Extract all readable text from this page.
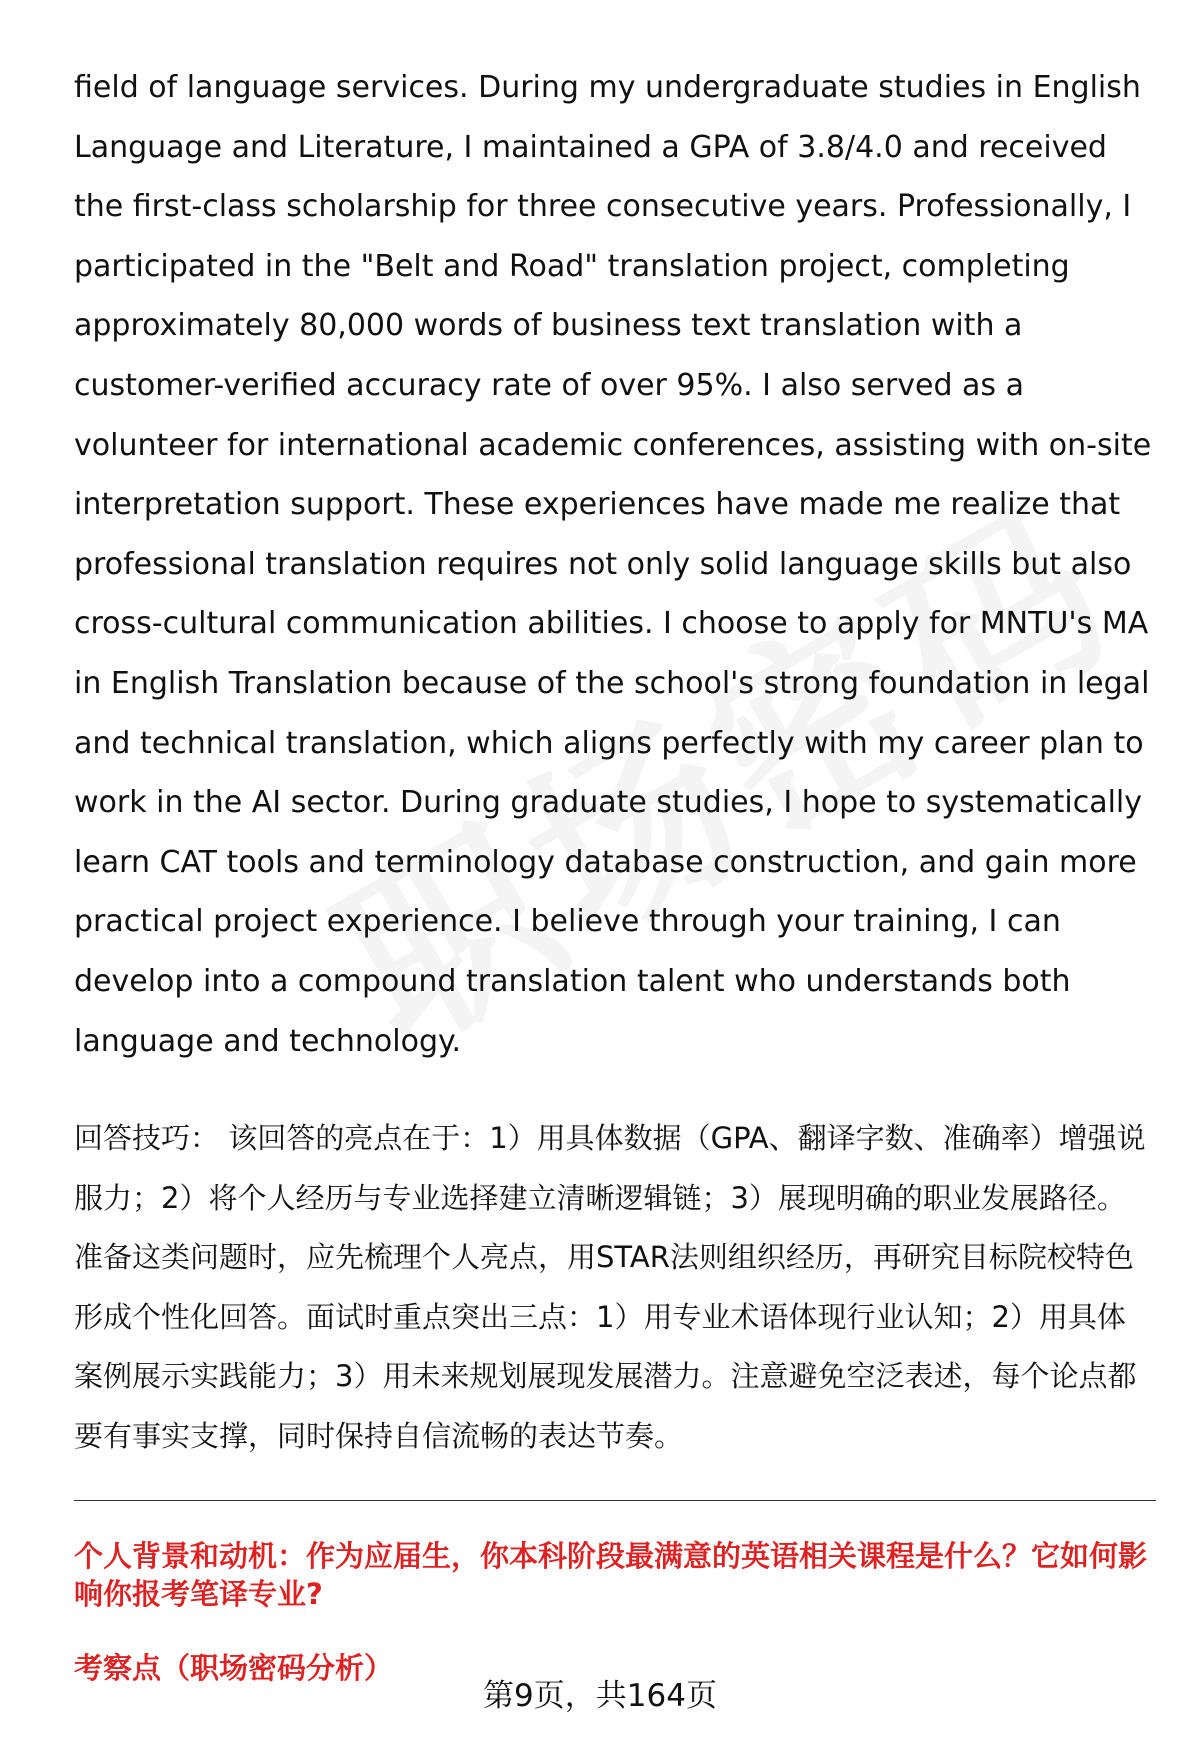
field of language services. During my undergraduate studies in English Language and Literature, I maintained a GPA of 3.8/4.0 and received the first-class scholarship for three consecutive years. Professionally, I participated in the "Belt and Road" translation project, completing approximately 80,000 words of business text translation with a customer-verified accuracy rate of over 95%. I also served as a volunteer for international academic conferences, assisting with on-site interpretation support. These experiences have made me realize that professional translation requires not only solid language skills but also cross-cultural communication abilities. I choose to apply for MNTU's MA in English Translation because of the school's strong foundation in legal and technical translation, which aligns perfectly with my career plan to work in the AI sector. During graduate studies, I hope to systematically learn CAT tools and terminology database construction, and gain more practical project experience. I believe through your training, I can develop into a compound translation talent who understands both language and technology.

回答技巧： 该回答的亮点在于：1）用具体数据（GPA、翻译字数、准确率）增强说服力；2）将个人经历与专业选择建立清晰逻辑链；3）展现明确的职业发展路径。准备这类问题时，应先梳理个人亮点，用STAR法则组织经历，再研究目标院校特色形成个性化回答。面试时重点突出三点：1）用专业术语体现行业认知；2）用具体案例展示实践能力；3）用未来规划展现发展潜力。注意避免空泛表述，每个论点都要有事实支撑，同时保持自信流畅的表达节奏。

个人背景和动机：作为应届生，你本科阶段最满意的英语相关课程是什么？它如何影响你报考笔译专业?

考察点（职场密码分析）

第9页，共164页
